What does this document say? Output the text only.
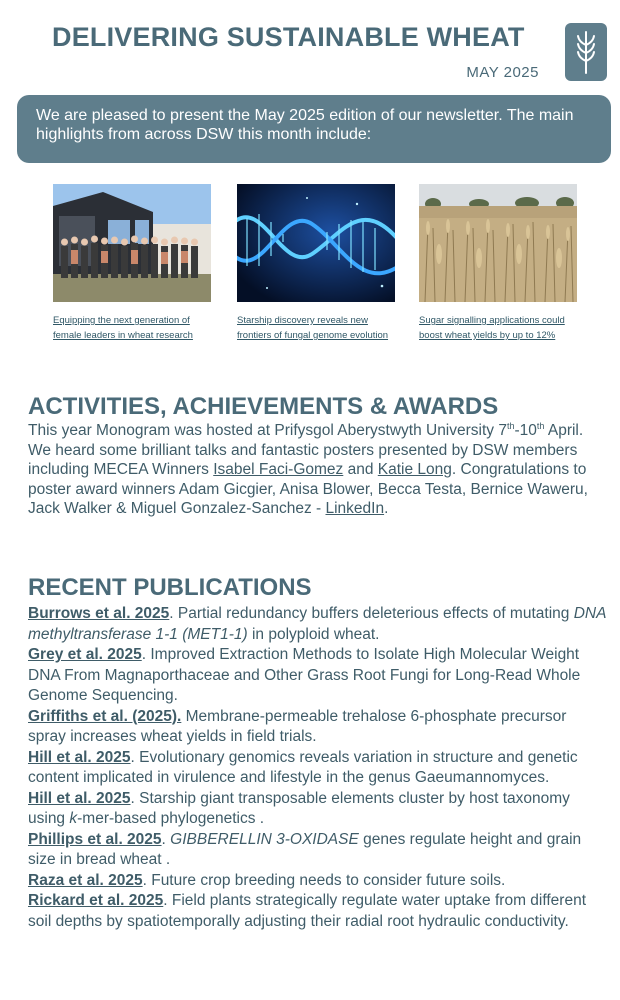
DELIVERING SUSTAINABLE WHEAT
MAY 2025
We are pleased to present the May 2025 edition of our newsletter. The main highlights from across DSW this month include:
Equipping the next generation of female leaders in wheat research
Starship discovery reveals new frontiers of fungal genome evolution
Sugar signalling applications could boost wheat yields by up to 12%
ACTIVITIES, ACHIEVEMENTS & AWARDS
This year Monogram was hosted at Prifysgol Aberystwyth University 7th-10th April. We heard some brilliant talks and fantastic posters presented by DSW members including MECEA Winners Isabel Faci-Gomez and Katie Long. Congratulations to poster award winners Adam Gicgier, Anisa Blower, Becca Testa, Bernice Waweru, Jack Walker & Miguel Gonzalez-Sanchez - LinkedIn.
RECENT PUBLICATIONS

Burrows et al. 2025. Partial redundancy buffers deleterious effects of mutating DNA methyltransferase 1-1 (MET1-1) in polyploid wheat.

Grey et al. 2025. Improved Extraction Methods to Isolate High Molecular Weight DNA From Magnaporthaceae and Other Grass Root Fungi for Long-Read Whole Genome Sequencing.

Griffiths et al. (2025). Membrane-permeable trehalose 6-phosphate precursor spray increases wheat yields in field trials.

Hill et al. 2025. Evolutionary genomics reveals variation in structure and genetic content implicated in virulence and lifestyle in the genus Gaeumannomyces.

Hill et al. 2025. Starship giant transposable elements cluster by host taxonomy using k-mer-based phylogenetics .

Phillips et al. 2025. GIBBERELLIN 3-OXIDASE genes regulate height and grain size in bread wheat .

Raza et al. 2025. Future crop breeding needs to consider future soils.

Rickard et al. 2025. Field plants strategically regulate water uptake from different soil depths by spatiotemporally adjusting their radial root hydraulic conductivity.
